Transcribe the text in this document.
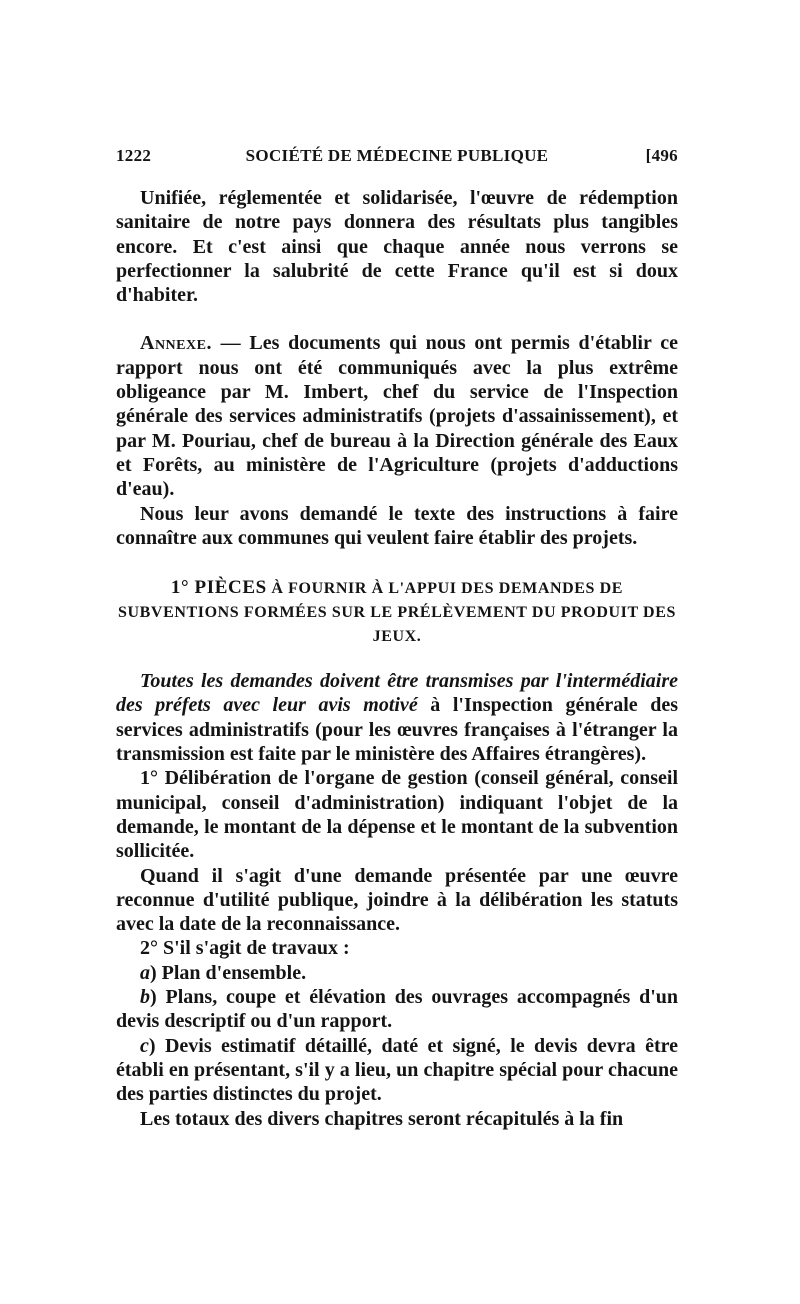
1222	SOCIÉTÉ DE MÉDECINE PUBLIQUE	[496

Unifiée, réglementée et solidarisée, l'œuvre de rédemption sanitaire de notre pays donnera des résultats plus tangibles encore. Et c'est ainsi que chaque année nous verrons se perfectionner la salubrité de cette France qu'il est si doux d'habiter.

Annexe. — Les documents qui nous ont permis d'établir ce rapport nous ont été communiqués avec la plus extrême obligeance par M. Imbert, chef du service de l'Inspection générale des services administratifs (projets d'assainissement), et par M. Pouriau, chef de bureau à la Direction générale des Eaux et Forêts, au ministère de l'Agriculture (projets d'adductions d'eau).

Nous leur avons demandé le texte des instructions à faire connaître aux communes qui veulent faire établir des projets.

1° PIÈCES À FOURNIR À L'APPUI DES DEMANDES DE SUBVENTIONS FORMÉES SUR LE PRÉLÈVEMENT DU PRODUIT DES JEUX.

Toutes les demandes doivent être transmises par l'intermédiaire des préfets avec leur avis motivé à l'Inspection générale des services administratifs (pour les œuvres françaises à l'étranger la transmission est faite par le ministère des Affaires étrangères).

1° Délibération de l'organe de gestion (conseil général, conseil municipal, conseil d'administration) indiquant l'objet de la demande, le montant de la dépense et le montant de la subvention sollicitée.

Quand il s'agit d'une demande présentée par une œuvre reconnue d'utilité publique, joindre à la délibération les statuts avec la date de la reconnaissance.

2° S'il s'agit de travaux :

a) Plan d'ensemble.

b) Plans, coupe et élévation des ouvrages accompagnés d'un devis descriptif ou d'un rapport.

c) Devis estimatif détaillé, daté et signé, le devis devra être établi en présentant, s'il y a lieu, un chapitre spécial pour chacune des parties distinctes du projet.

Les totaux des divers chapitres seront récapitulés à la fin
